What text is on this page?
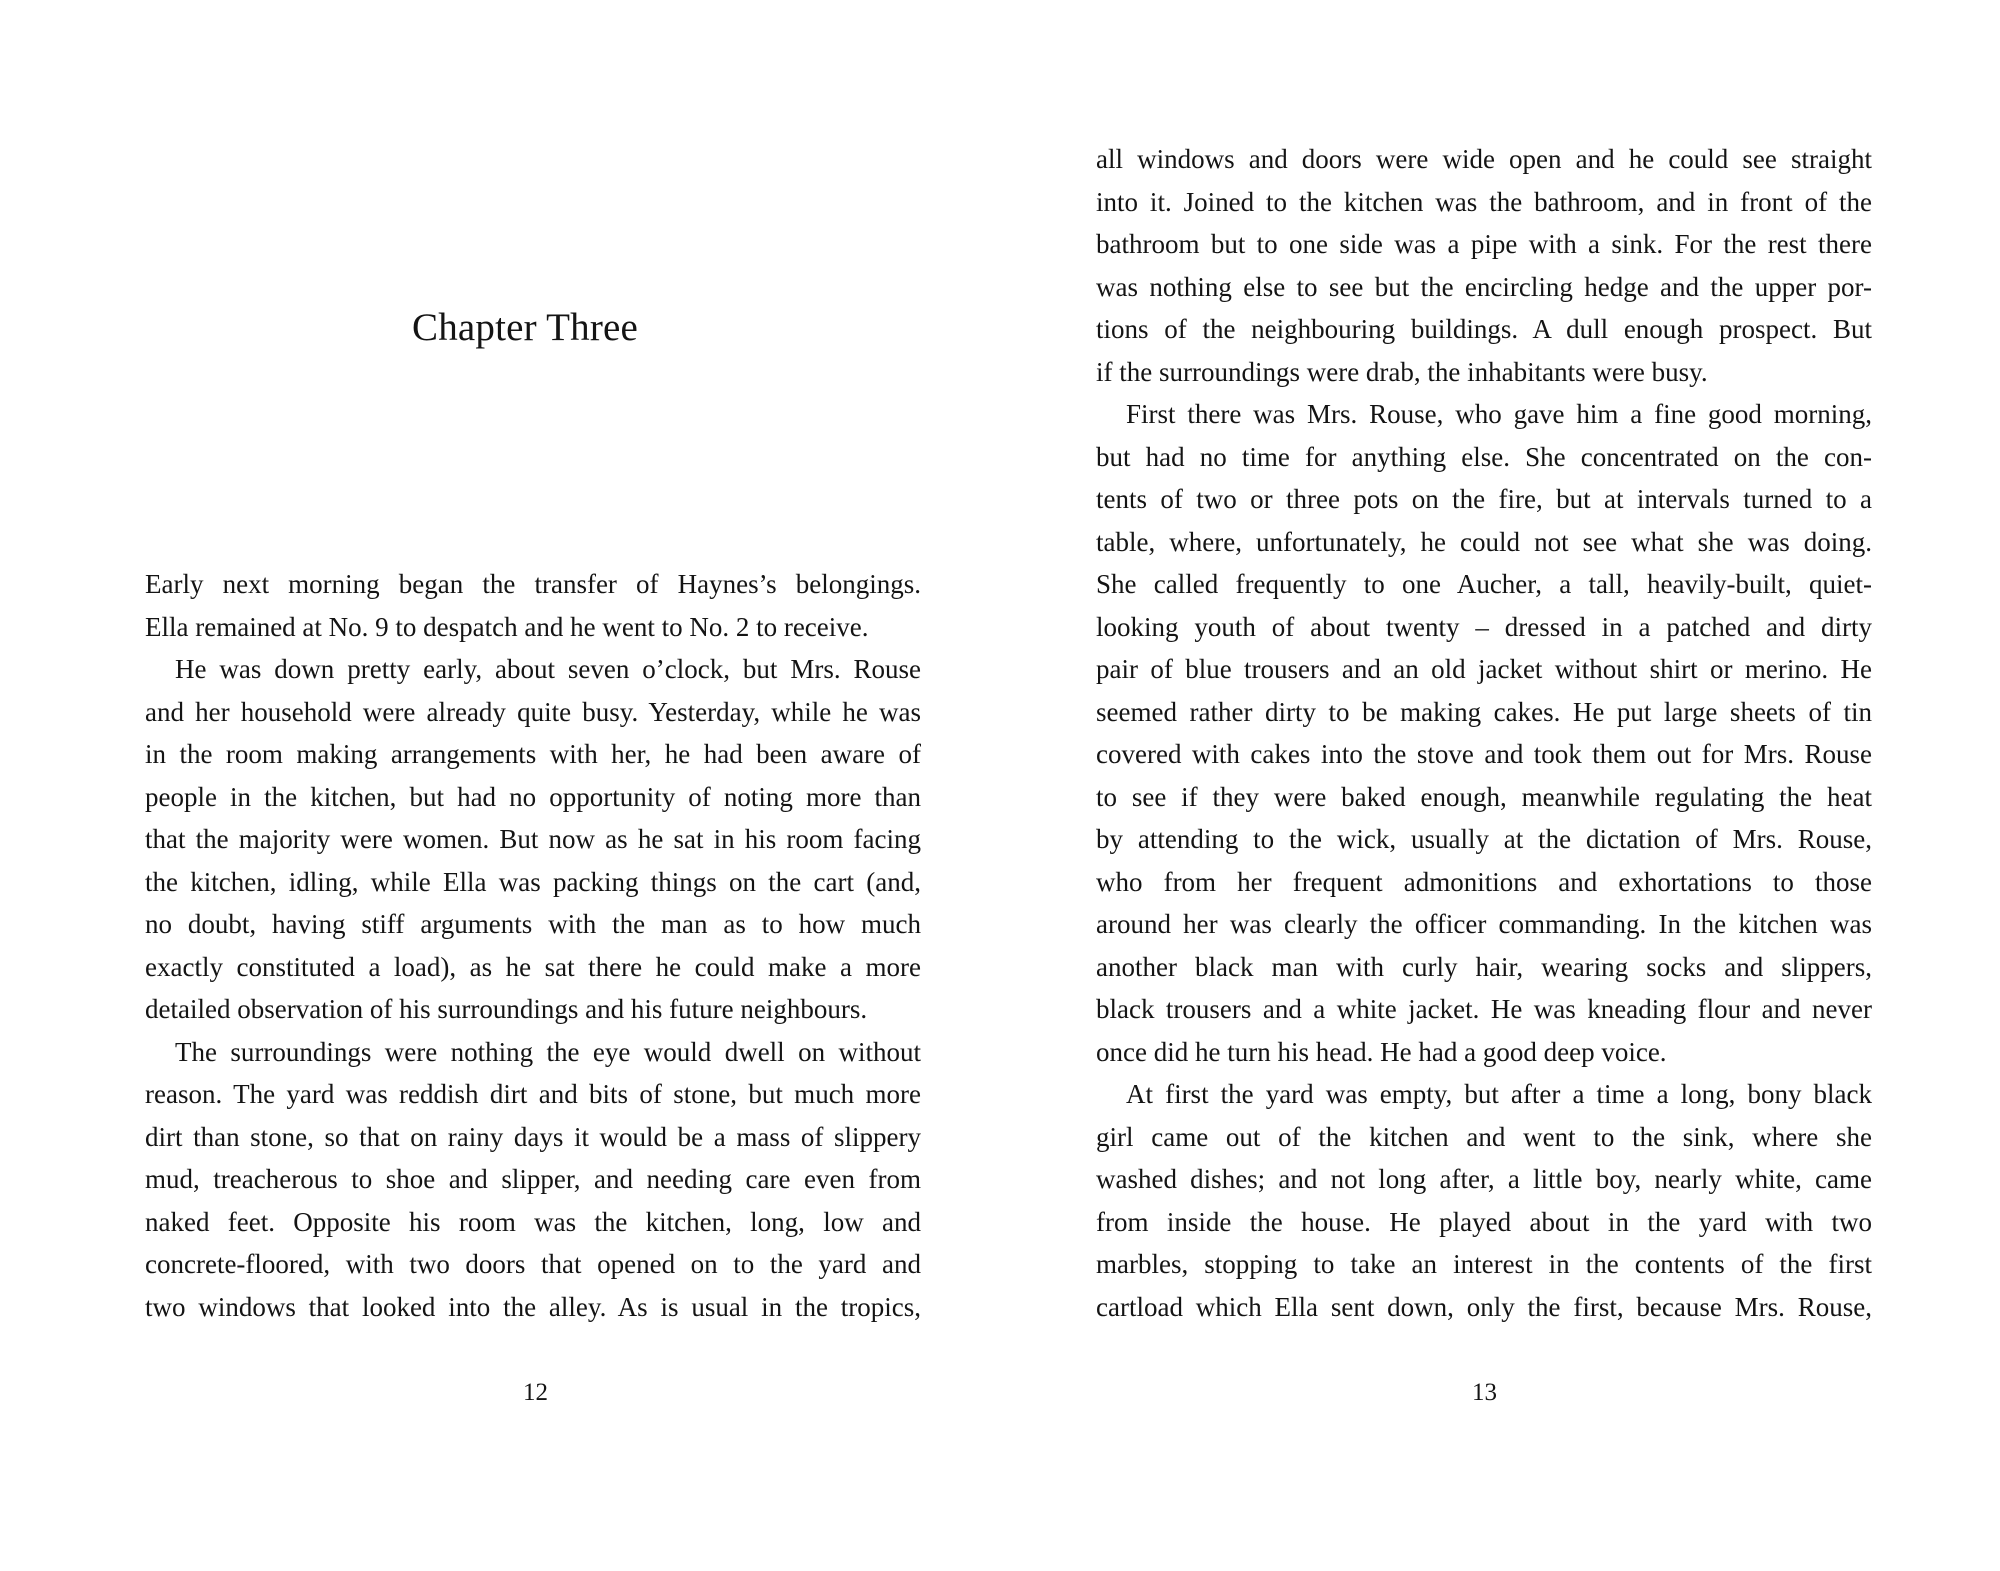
Chapter Three
Early next morning began the transfer of Haynes’s belongings.
Ella remained at No. 9 to despatch and he went to No. 2 to receive.
He was down pretty early, about seven o’clock, but Mrs. Rouse
and her household were already quite busy. Yesterday, while he was
in the room making arrangements with her, he had been aware of
people in the kitchen, but had no opportunity of noting more than
that the majority were women. But now as he sat in his room facing
the kitchen, idling, while Ella was packing things on the cart (and,
no doubt, having stiff arguments with the man as to how much
exactly constituted a load), as he sat there he could make a more
detailed observation of his surroundings and his future neighbours.
The surroundings were nothing the eye would dwell on without
reason. The yard was reddish dirt and bits of stone, but much more
dirt than stone, so that on rainy days it would be a mass of slippery
mud, treacherous to shoe and slipper, and needing care even from
naked feet. Opposite his room was the kitchen, long, low and
concrete-floored, with two doors that opened on to the yard and
two windows that looked into the alley. As is usual in the tropics,

12

all windows and doors were wide open and he could see straight
into it. Joined to the kitchen was the bathroom, and in front of the
bathroom but to one side was a pipe with a sink. For the rest there
was nothing else to see but the encircling hedge and the upper por-
tions of the neighbouring buildings. A dull enough prospect. But
if the surroundings were drab, the inhabitants were busy.
First there was Mrs. Rouse, who gave him a fine good morning,
but had no time for anything else. She concentrated on the con-
tents of two or three pots on the fire, but at intervals turned to a
table, where, unfortunately, he could not see what she was doing.
She called frequently to one Aucher, a tall, heavily-built, quiet-
looking youth of about twenty – dressed in a patched and dirty
pair of blue trousers and an old jacket without shirt or merino. He
seemed rather dirty to be making cakes. He put large sheets of tin
covered with cakes into the stove and took them out for Mrs. Rouse
to see if they were baked enough, meanwhile regulating the heat
by attending to the wick, usually at the dictation of Mrs. Rouse,
who from her frequent admonitions and exhortations to those
around her was clearly the officer commanding. In the kitchen was
another black man with curly hair, wearing socks and slippers,
black trousers and a white jacket. He was kneading flour and never
once did he turn his head. He had a good deep voice.
At first the yard was empty, but after a time a long, bony black
girl came out of the kitchen and went to the sink, where she
washed dishes; and not long after, a little boy, nearly white, came
from inside the house. He played about in the yard with two
marbles, stopping to take an interest in the contents of the first
cartload which Ella sent down, only the first, because Mrs. Rouse,

13
